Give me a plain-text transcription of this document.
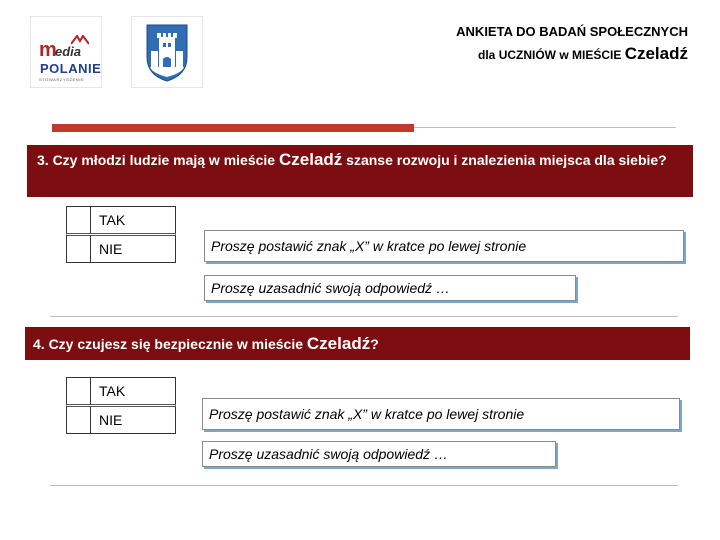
m
edia
POLANIE
STOWARZYSZENIE
ANKIETA DO BADAŃ SPOŁECZNYCH
dla UCZNIÓW w MIEŚCIE Czeladź
3. Czy młodzi ludzie mają w mieście Czeladź szanse rozwoju i znalezienia miejsca dla siebie?
TAK
NIE	Proszę postawić znak „X” w kratce po lewej stronie
Proszę uzasadnić swoją odpowiedź …
4. Czy czujesz się bezpiecznie w mieście Czeladź?
TAK
NIE	Proszę postawić znak „X” w kratce po lewej stronie
Proszę uzasadnić swoją odpowiedź …
